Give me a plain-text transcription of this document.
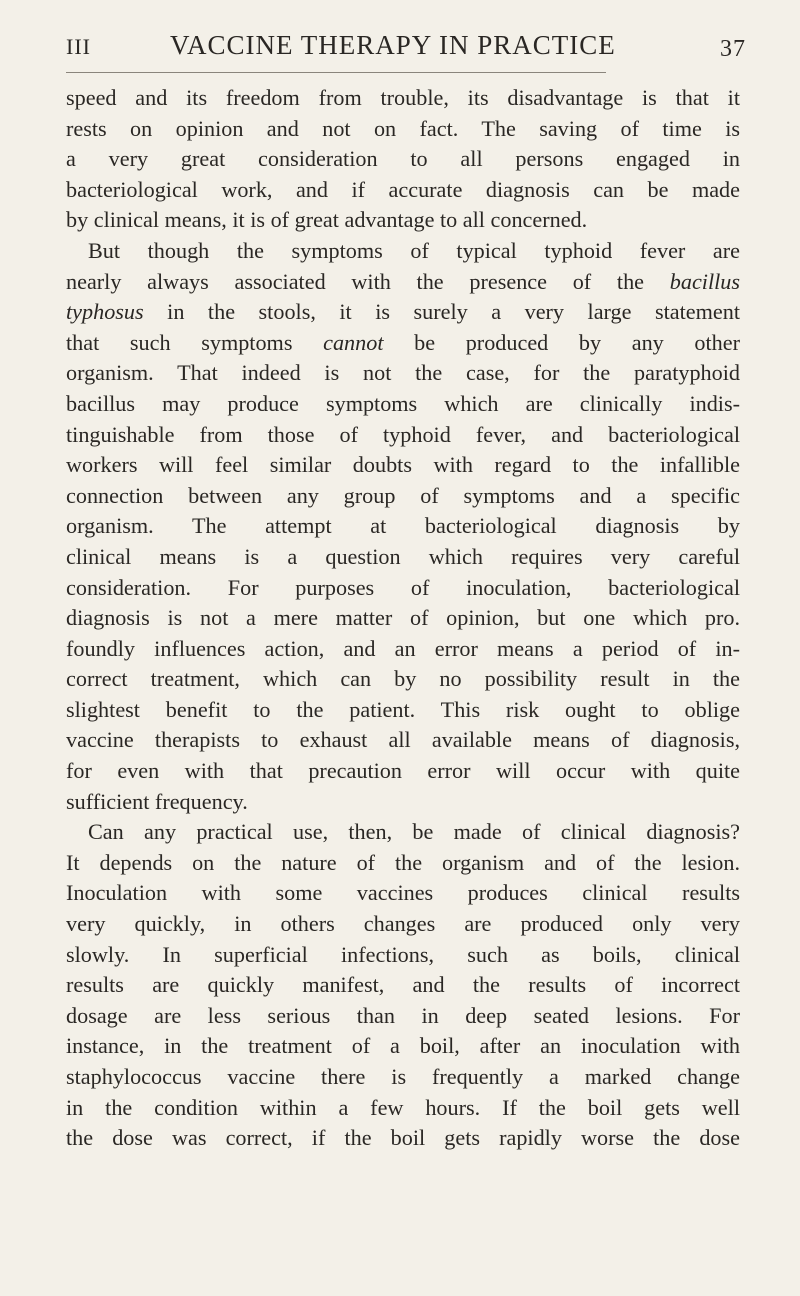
III	VACCINE THERAPY IN PRACTICE	37
speed and its freedom from trouble, its disadvantage is that it
rests on opinion and not on fact. The saving of time is
a very great consideration to all persons engaged in
bacteriological work, and if accurate diagnosis can be made
by clinical means, it is of great advantage to all concerned.
But though the symptoms of typical typhoid fever are
nearly always associated with the presence of the bacillus
typhosus in the stools, it is surely a very large statement
that such symptoms cannot be produced by any other
organism. That indeed is not the case, for the paratyphoid
bacillus may produce symptoms which are clinically indis-
tinguishable from those of typhoid fever, and bacteriological
workers will feel similar doubts with regard to the infallible
connection between any group of symptoms and a specific
organism. The attempt at bacteriological diagnosis by
clinical means is a question which requires very careful
consideration. For purposes of inoculation, bacteriological
diagnosis is not a mere matter of opinion, but one which pro.
foundly influences action, and an error means a period of in-
correct treatment, which can by no possibility result in the
slightest benefit to the patient. This risk ought to oblige
vaccine therapists to exhaust all available means of diagnosis,
for even with that precaution error will occur with quite
sufficient frequency.
Can any practical use, then, be made of clinical diagnosis?
It depends on the nature of the organism and of the lesion.
Inoculation with some vaccines produces clinical results
very quickly, in others changes are produced only very
slowly. In superficial infections, such as boils, clinical
results are quickly manifest, and the results of incorrect
dosage are less serious than in deep seated lesions. For
instance, in the treatment of a boil, after an inoculation with
staphylococcus vaccine there is frequently a marked change
in the condition within a few hours. If the boil gets well
the dose was correct, if the boil gets rapidly worse the dose
